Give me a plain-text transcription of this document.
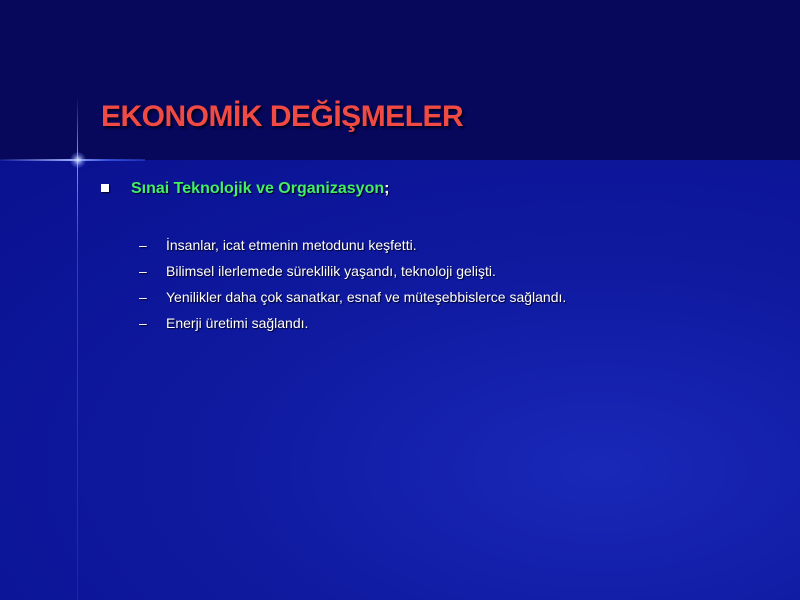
EKONOMİK DEĞİŞMELER
Sınai Teknolojik ve Organizasyon ;
–	İnsanlar, icat etmenin metodunu keşfetti.
–	Bilimsel ilerlemede süreklilik yaşandı, teknoloji gelişti.
–	Yenilikler daha çok sanatkar, esnaf ve müteşebbislerce sağlandı.
–	Enerji üretimi sağlandı.
